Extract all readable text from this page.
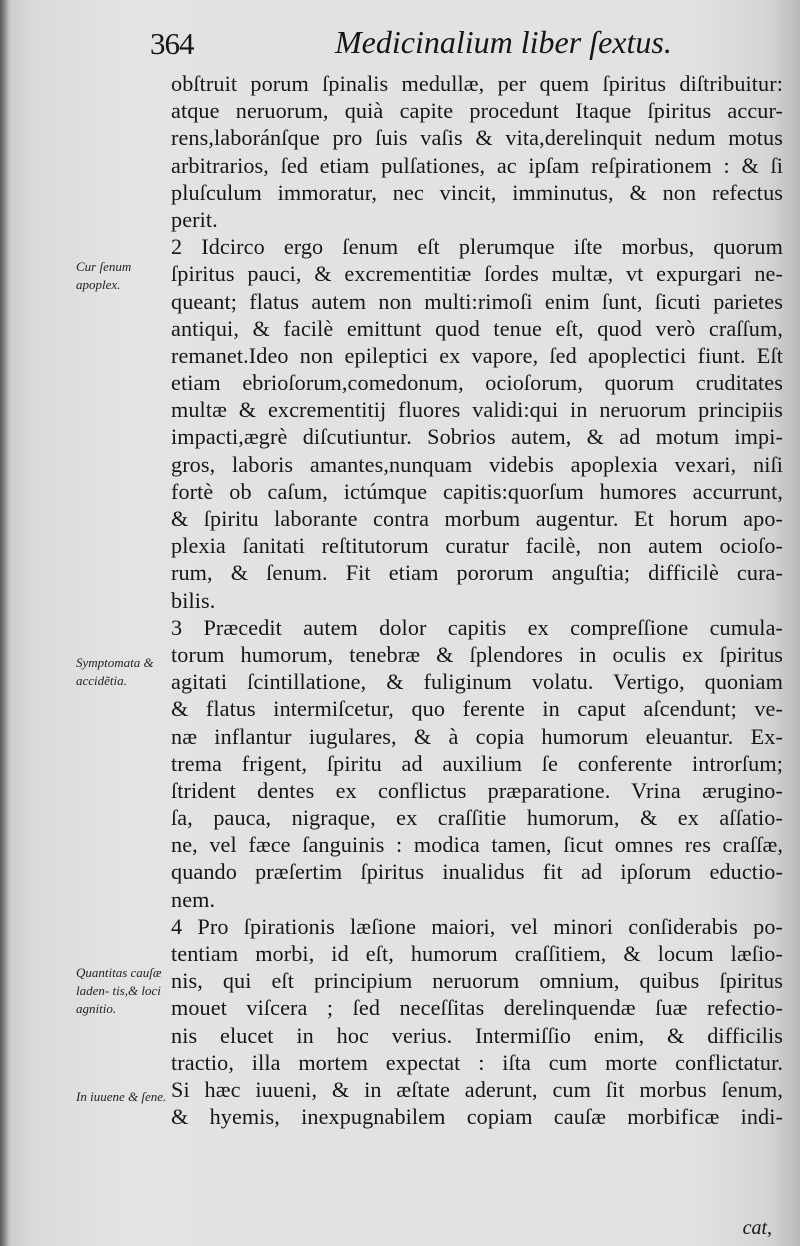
364	Medicinalium liber ſextus.
Cur ſenum apoplex.
Symptomata & accidẽtia.
Quantitas cauſæ laden- tis,& loci agnitio.
In iuuene & ſene.
obſtruit porum ſpinalis medullæ, per quem ſpiritus diſtribuitur:
atque neruorum, quià capite procedunt Itaque ſpiritus accur-
rens,laboránſque pro ſuis vaſis & vita,derelinquit nedum motus
arbitrarios, ſed etiam pulſationes, ac ipſam reſpirationem : & ſi
pluſculum immoratur, nec vincit, imminutus, & non refectus
perit.
2 Idcirco ergo ſenum eſt plerumque iſte morbus, quorum
ſpiritus pauci, & excrementitiæ ſordes multæ, vt expurgari ne-
queant; flatus autem non multi:rimoſi enim ſunt, ſicuti parietes
antiqui, & facilè emittunt quod tenue eſt, quod verò craſſum,
remanet.Ideo non epileptici ex vapore, ſed apoplectici fiunt. Eſt
etiam ebrioſorum,comedonum, ocioſorum, quorum cruditates
multæ & excrementitij fluores validi:qui in neruorum principiis
impacti,ægrè diſcutiuntur. Sobrios autem, & ad motum impi-
gros, laboris amantes,nunquam videbis apoplexia vexari, niſi
fortè ob caſum, ictúmque capitis:quorſum humores accurrunt,
& ſpiritu laborante contra morbum augentur. Et horum apo-
plexia ſanitati reſtitutorum curatur facilè, non autem ocioſo-
rum, & ſenum. Fit etiam pororum anguſtia; difficilè cura-
bilis.
3 Præcedit autem dolor capitis ex compreſſione cumula-
torum humorum, tenebræ & ſplendores in oculis ex ſpiritus
agitati ſcintillatione, & fuliginum volatu. Vertigo, quoniam
& flatus intermiſcetur, quo ferente in caput aſcendunt; ve-
næ inflantur iugulares, & à copia humorum eleuantur. Ex-
trema frigent, ſpiritu ad auxilium ſe conferente introrſum;
ſtrident dentes ex conflictus præparatione. Vrina ærugino-
ſa, pauca, nigraque, ex craſſitie humorum, & ex aſſatio-
ne, vel fæce ſanguinis : modica tamen, ſicut omnes res craſſæ,
quando præſertim ſpiritus inualidus fit ad ipſorum eductio-
nem.
4 Pro ſpirationis læſione maiori, vel minori conſiderabis po-
tentiam morbi, id eſt, humorum craſſitiem, & locum læſio-
nis, qui eſt principium neruorum omnium, quibus ſpiritus
mouet viſcera ; ſed neceſſitas derelinquendæ ſuæ refectio-
nis elucet in hoc verius. Intermiſſio enim, & difficilis
tractio, illa mortem expectat : iſta cum morte conflictatur.
Si hæc iuueni, & in æſtate aderunt, cum ſit morbus ſenum,
& hyemis, inexpugnabilem copiam cauſæ morbificæ indi-
cat,
